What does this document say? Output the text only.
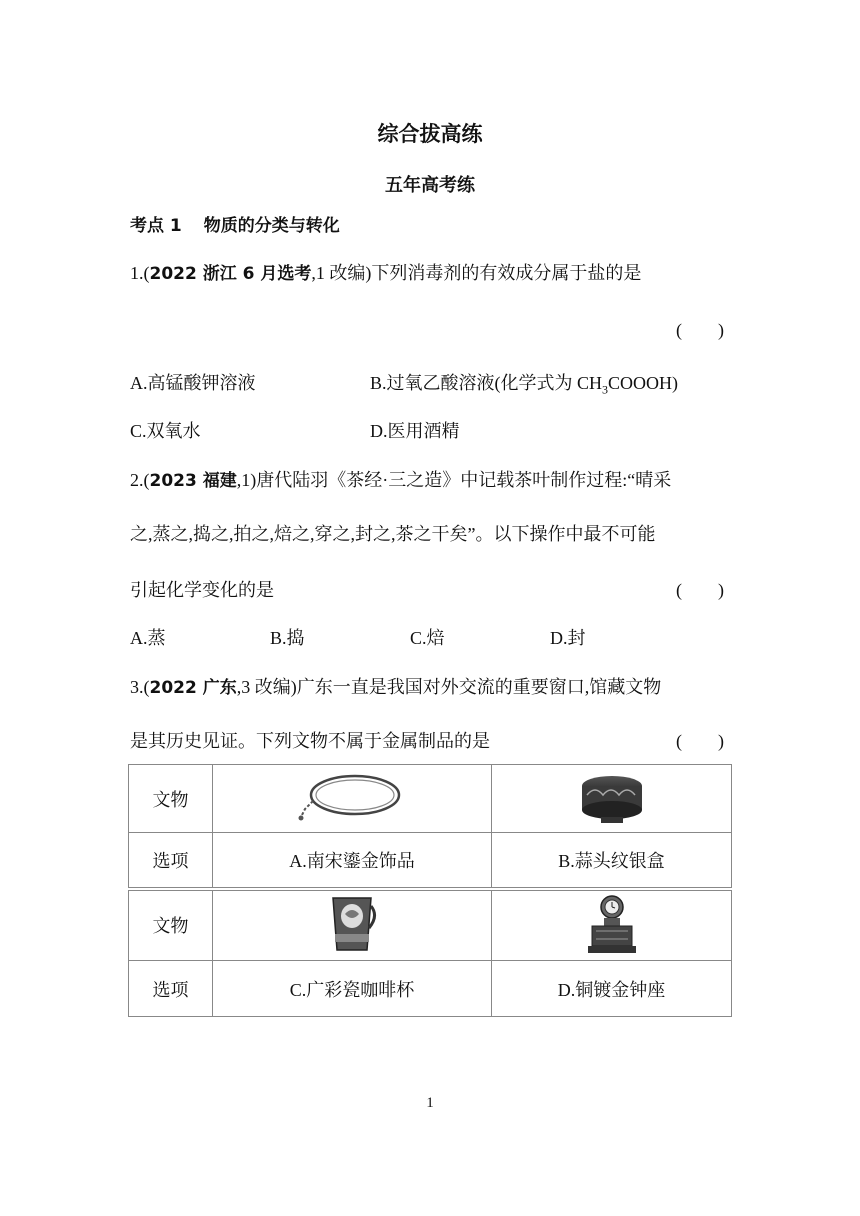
综合拔高练
五年高考练
考点 1 物质的分类与转化
1.(2022 浙江 6 月选考,1 改编)下列消毒剂的有效成分属于盐的是
(　　)
A.高锰酸钾溶液	B.过氧乙酸溶液(化学式为 $CH_3COOOH$)
C.双氧水	D.医用酒精
2.(2023 福建,1)唐代陆羽《茶经·三之造》中记载茶叶制作过程:“晴采
之,蒸之,捣之,拍之,焙之,穿之,封之,茶之干矣”。以下操作中最不可能
引起化学变化的是	(　　)
A.蒸	B.捣	C.焙	D.封
3.(2022 广东,3 改编)广东一直是我国对外交流的重要窗口,馆藏文物
是其历史见证。下列文物不属于金属制品的是	(　　)
文物	

选项	A.南宋鎏金饰品	B.蒜头纹银盒
文物	

选项	C.广彩瓷咖啡杯	D.铜镀金钟座
1
